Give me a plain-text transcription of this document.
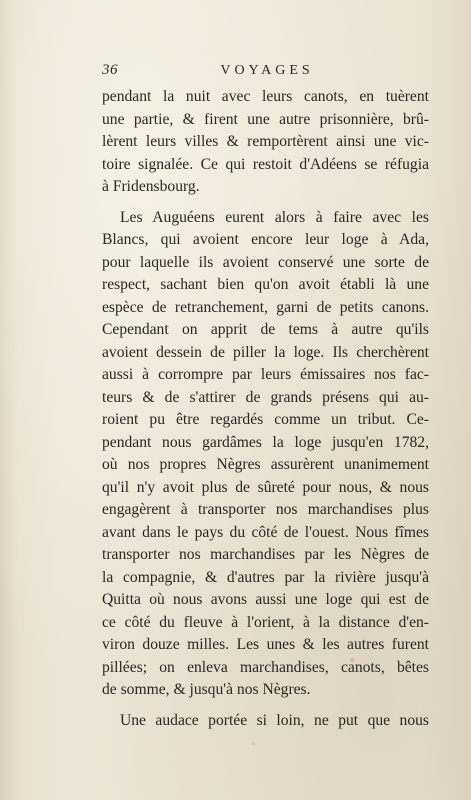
36	VOYAGES
pendant la nuit avec leurs canots, en tuèrent
une partie, & firent une autre prisonnière, brû-
lèrent leurs villes & remportèrent ainsi une vic-
toire signalée. Ce qui restoit d'Adéens se réfugia
à Fridensbourg.
Les Auguéens eurent alors à faire avec les
Blancs, qui avoient encore leur loge à Ada,
pour laquelle ils avoient conservé une sorte de
respect, sachant bien qu'on avoit établi là une
espèce de retranchement, garni de petits canons.
Cependant on apprit de tems à autre qu'ils
avoient dessein de piller la loge. Ils cherchèrent
aussi à corrompre par leurs émissaires nos fac-
teurs & de s'attirer de grands présens qui au-
roient pu être regardés comme un tribut. Ce-
pendant nous gardâmes la loge jusqu'en 1782,
où nos propres Nègres assurèrent unanimement
qu'il n'y avoit plus de sûreté pour nous, & nous
engagèrent à transporter nos marchandises plus
avant dans le pays du côté de l'ouest. Nous fîmes
transporter nos marchandises par les Nègres de
la compagnie, & d'autres par la rivière jusqu'à
Quitta où nous avons aussi une loge qui est de
ce côté du fleuve à l'orient, à la distance d'en-
viron douze milles. Les unes & les autres furent
pillées; on enleva marchandises, canots, bêtes
de somme, & jusqu'à nos Nègres.
Une audace portée si loin, ne put que nous
